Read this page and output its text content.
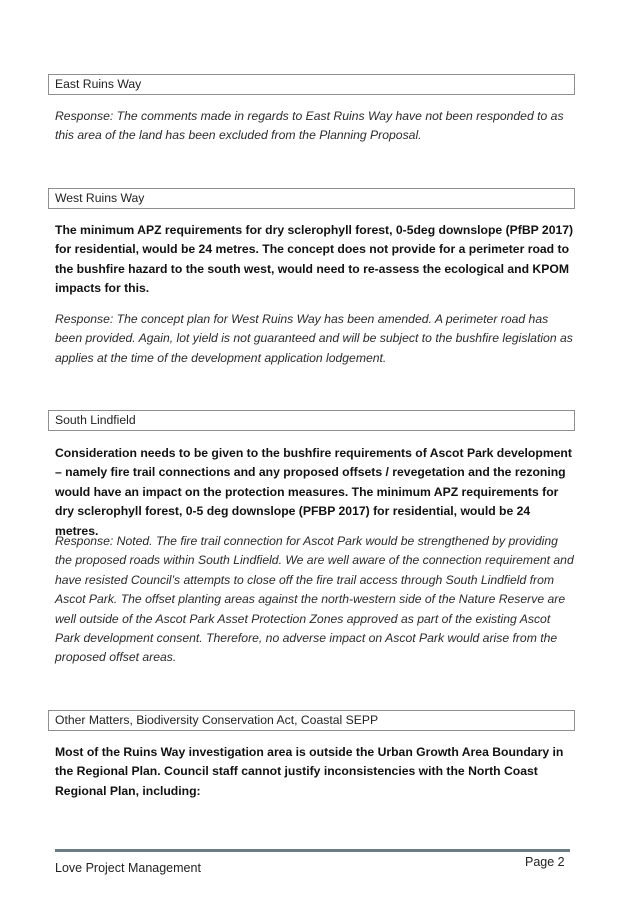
East Ruins Way

Response: The comments made in regards to East Ruins Way have not been responded to as this area of the land has been excluded from the Planning Proposal.

West Ruins Way

The minimum APZ requirements for dry sclerophyll forest, 0-5deg downslope (PfBP 2017) for residential, would be 24 metres. The concept does not provide for a perimeter road to the bushfire hazard to the south west, would need to re-assess the ecological and KPOM impacts for this.

Response: The concept plan for West Ruins Way has been amended. A perimeter road has been provided. Again, lot yield is not guaranteed and will be subject to the bushfire legislation as applies at the time of the development application lodgement.

South Lindfield

Consideration needs to be given to the bushfire requirements of Ascot Park development – namely fire trail connections and any proposed offsets / revegetation and the rezoning would have an impact on the protection measures. The minimum APZ requirements for dry sclerophyll forest, 0-5 deg downslope (PFBP 2017) for residential, would be 24 metres.

Response: Noted. The fire trail connection for Ascot Park would be strengthened by providing the proposed roads within South Lindfield. We are well aware of the connection requirement and have resisted Council’s attempts to close off the fire trail access through South Lindfield from Ascot Park. The offset planting areas against the north-western side of the Nature Reserve are well outside of the Ascot Park Asset Protection Zones approved as part of the existing Ascot Park development consent. Therefore, no adverse impact on Ascot Park would arise from the proposed offset areas.

Other Matters, Biodiversity Conservation Act, Coastal SEPP

Most of the Ruins Way investigation area is outside the Urban Growth Area Boundary in the Regional Plan. Council staff cannot justify inconsistencies with the North Coast Regional Plan, including:

Love Project Management	Page 2
